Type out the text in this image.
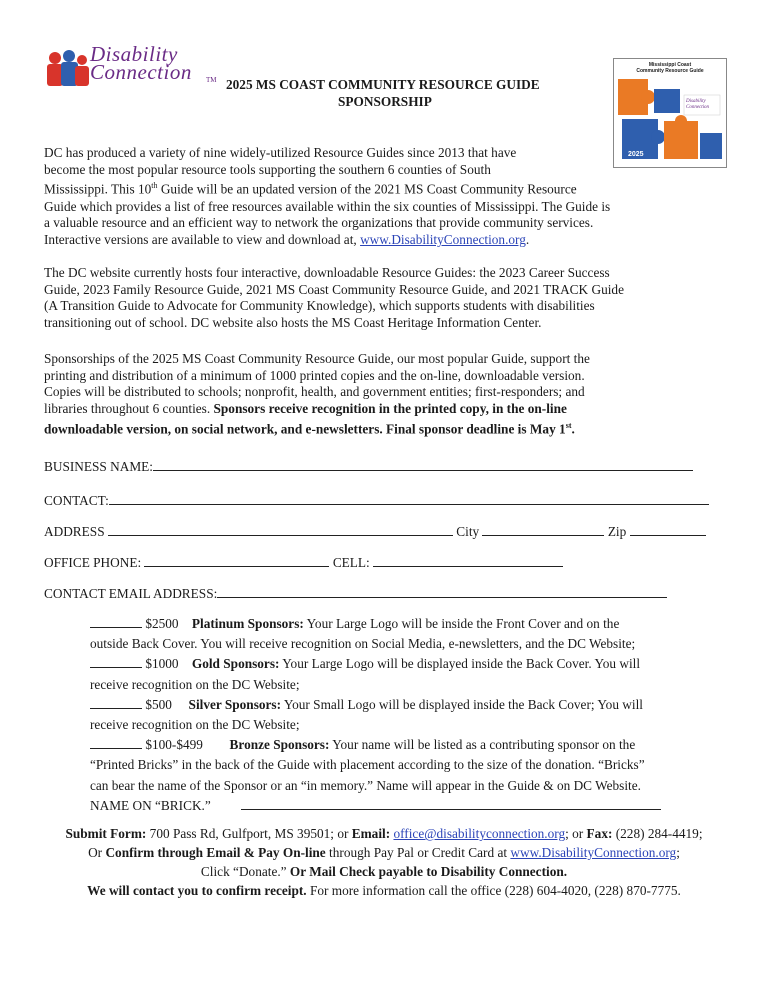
Disability
Connection TM 2025 MS COAST COMMUNITY RESOURCE GUIDE
SPONSORSHIP
Mississippi Coast
Community Resource Guide
Disability Connection
2025

DC has produced a variety of nine widely-utilized Resource Guides since 2013 that have

become the most popular resource tools supporting the southern 6 counties of South

Mississippi. This 10th Guide will be an updated version of the 2021 MS Coast Community Resource

Guide which provides a list of free resources available within the six counties of Mississippi. The Guide is

a valuable resource and an efficient way to network the organizations that provide community services.

Interactive versions are available to view and download at, www.DisabilityConnection.org.

The DC website currently hosts four interactive, downloadable Resource Guides: the 2023 Career Success

Guide, 2023 Family Resource Guide, 2021 MS Coast Community Resource Guide, and 2021 TRACK Guide

(A Transition Guide to Advocate for Community Knowledge), which supports students with disabilities

transitioning out of school. DC website also hosts the MS Coast Heritage Information Center.

Sponsorships of the 2025 MS Coast Community Resource Guide, our most popular Guide, support the

printing and distribution of a minimum of 1000 printed copies and the on-line, downloadable version.

Copies will be distributed to schools; nonprofit, health, and government entities; first-responders; and

libraries throughout 6 counties. Sponsors receive recognition in the printed copy, in the on-line

downloadable version, on social network, and e-newsletters. Final sponsor deadline is May 1st.

BUSINESS NAME:
CONTACT:
ADDRESS	City	Zip
OFFICE PHONE:	CELL:
CONTACT EMAIL ADDRESS:

$2500 Platinum Sponsors: Your Large Logo will be inside the Front Cover and on the

outside Back Cover. You will receive recognition on Social Media, e-newsletters, and the DC Website;

$1000 Gold Sponsors: Your Large Logo will be displayed inside the Back Cover. You will

receive recognition on the DC Website;

$500 Silver Sponsors: Your Small Logo will be displayed inside the Back Cover; You will

receive recognition on the DC Website;

$100-$499 Bronze Sponsors: Your name will be listed as a contributing sponsor on the

“Printed Bricks” in the back of the Guide with placement according to the size of the donation. “Bricks”

can bear the name of the Sponsor or an “in memory.” Name will appear in the Guide & on DC Website.

NAME ON “BRICK.”

Submit Form: 700 Pass Rd, Gulfport, MS 39501; or Email: office@disabilityconnection.org; or Fax: (228) 284-4419;
Or Confirm through Email & Pay On-line through Pay Pal or Credit Card at www.DisabilityConnection.org;
Click “Donate.” Or Mail Check payable to Disability Connection.
We will contact you to confirm receipt. For more information call the office (228) 604-4020, (228) 870-7775.
